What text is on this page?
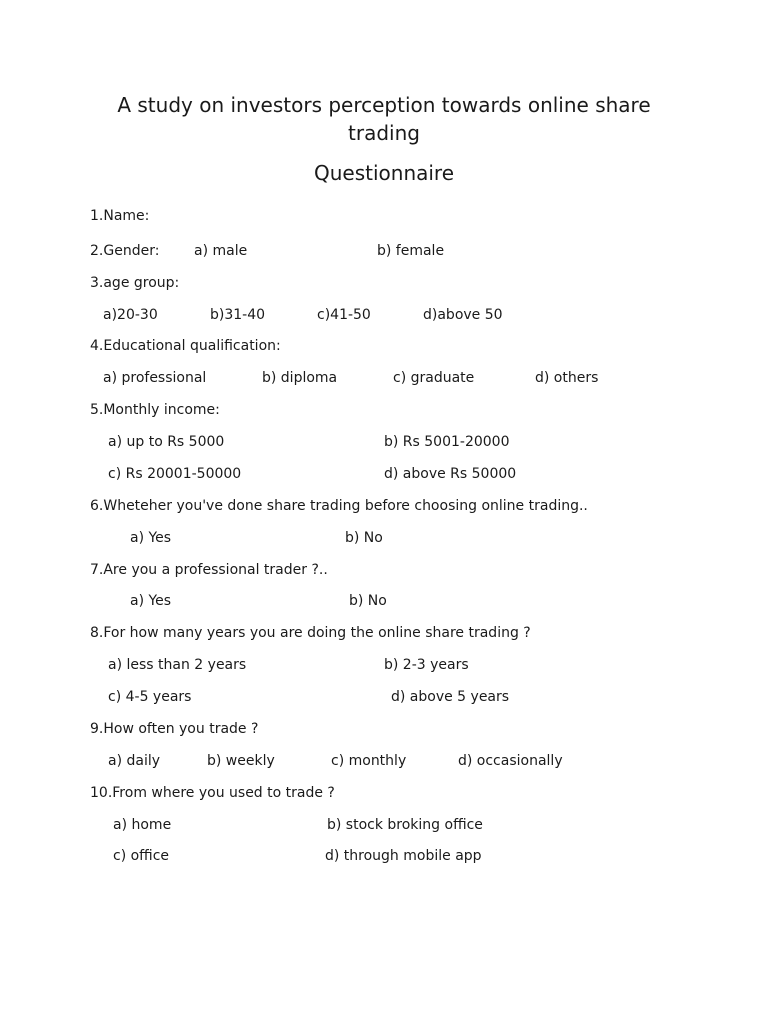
A study on investors perception towards online share
trading
Questionnaire
1.Name:
2.Gender: a) male	b) female
3.age group:
a)20-30	b)31-40	c)41-50	d)above 50
4.Educational qualification:
a) professional	b) diploma	c) graduate	d) others
5.Monthly income:
a) up to Rs 5000	b) Rs 5001-20000
c) Rs 20001-50000	d) above Rs 50000
6.Wheteher you've done share trading before choosing online trading..
a) Yes	b) No
7.Are you a professional trader ?..
a) Yes	b) No
8.For how many years you are doing the online share trading ?
a) less than 2 years	b) 2-3 years
c) 4-5 years	d) above 5 years
9.How often you trade ?
a) daily	b) weekly	c) monthly	d) occasionally
10.From where you used to trade ?
a) home	b) stock broking office
c) office	d) through mobile app
